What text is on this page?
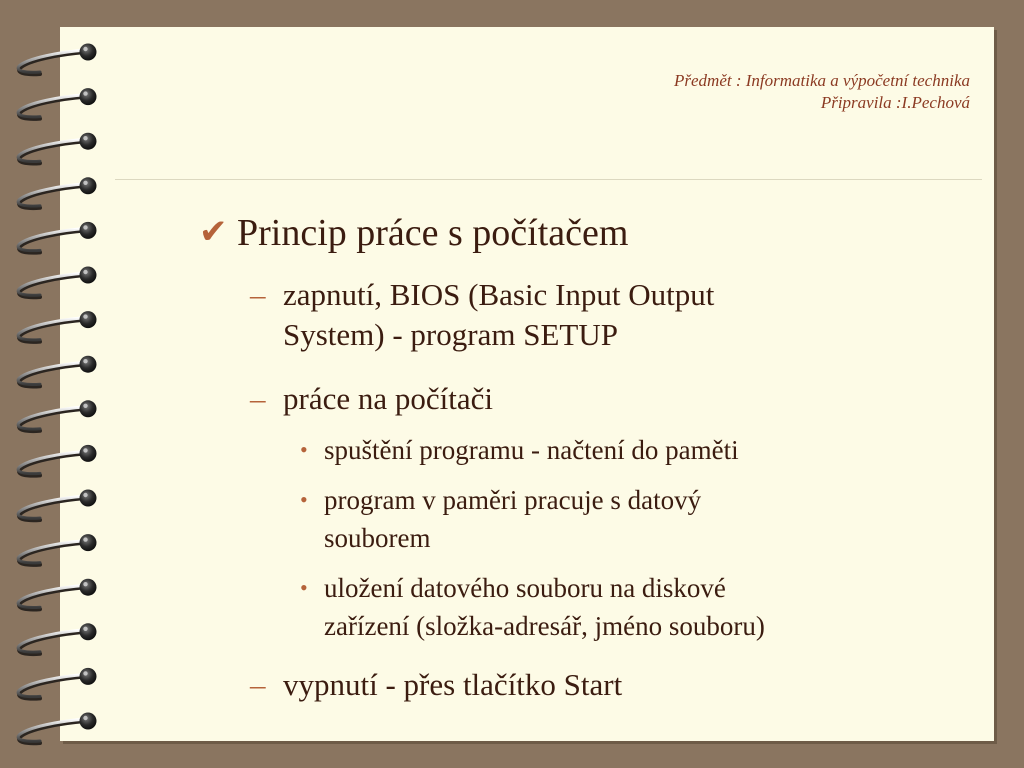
Předmět : Informatika a výpočetní technika
Připravila :I.Pechová
✔ Princip práce s počítačem
– zapnutí, BIOS (Basic Input Output
System) - program SETUP
– práce na počítači
• spuštění programu - načtení do paměti
• program v paměri pracuje s datový
souborem
• uložení datového souboru na diskové
zařízení (složka-adresář, jméno souboru)
– vypnutí - přes tlačítko Start
